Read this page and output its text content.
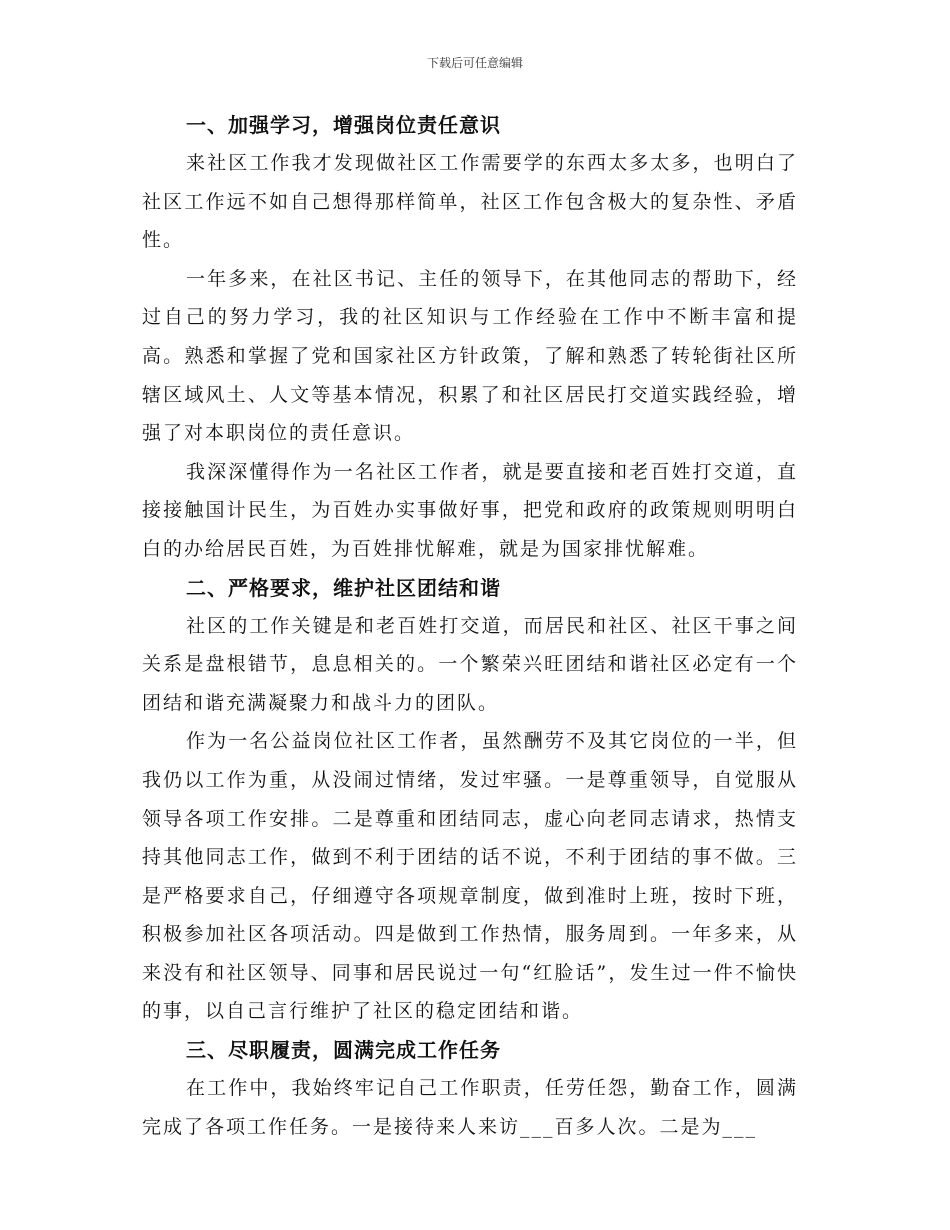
下载后可任意编辑
一、加强学习，增强岗位责任意识

来社区工作我才发现做社区工作需要学的东西太多太多，也明白了社区工作远不如自己想得那样简单，社区工作包含极大的复杂性、矛盾性。

一年多来，在社区书记、主任的领导下，在其他同志的帮助下，经过自己的努力学习，我的社区知识与工作经验在工作中不断丰富和提高。熟悉和掌握了党和国家社区方针政策，了解和熟悉了转轮街社区所辖区域风土、人文等基本情况，积累了和社区居民打交道实践经验，增强了对本职岗位的责任意识。

我深深懂得作为一名社区工作者，就是要直接和老百姓打交道，直接接触国计民生，为百姓办实事做好事，把党和政府的政策规则明明白白的办给居民百姓，为百姓排忧解难，就是为国家排忧解难。

二、严格要求，维护社区团结和谐

社区的工作关键是和老百姓打交道，而居民和社区、社区干事之间关系是盘根错节，息息相关的。一个繁荣兴旺团结和谐社区必定有一个团结和谐充满凝聚力和战斗力的团队。

作为一名公益岗位社区工作者，虽然酬劳不及其它岗位的一半，但我仍以工作为重，从没闹过情绪，发过牢骚。一是尊重领导，自觉服从领导各项工作安排。二是尊重和团结同志，虚心向老同志请求，热情支持其他同志工作，做到不利于团结的话不说，不利于团结的事不做。三是严格要求自己，仔细遵守各项规章制度，做到准时上班，按时下班，积极参加社区各项活动。四是做到工作热情，服务周到。一年多来，从来没有和社区领导、同事和居民说过一句“红脸话”，发生过一件不愉快的事，以自己言行维护了社区的稳定团结和谐。

三、尽职履责，圆满完成工作任务

在工作中，我始终牢记自己工作职责，任劳任怨，勤奋工作，圆满完成了各项工作任务。一是接待来人来访___百多人次。二是为___
